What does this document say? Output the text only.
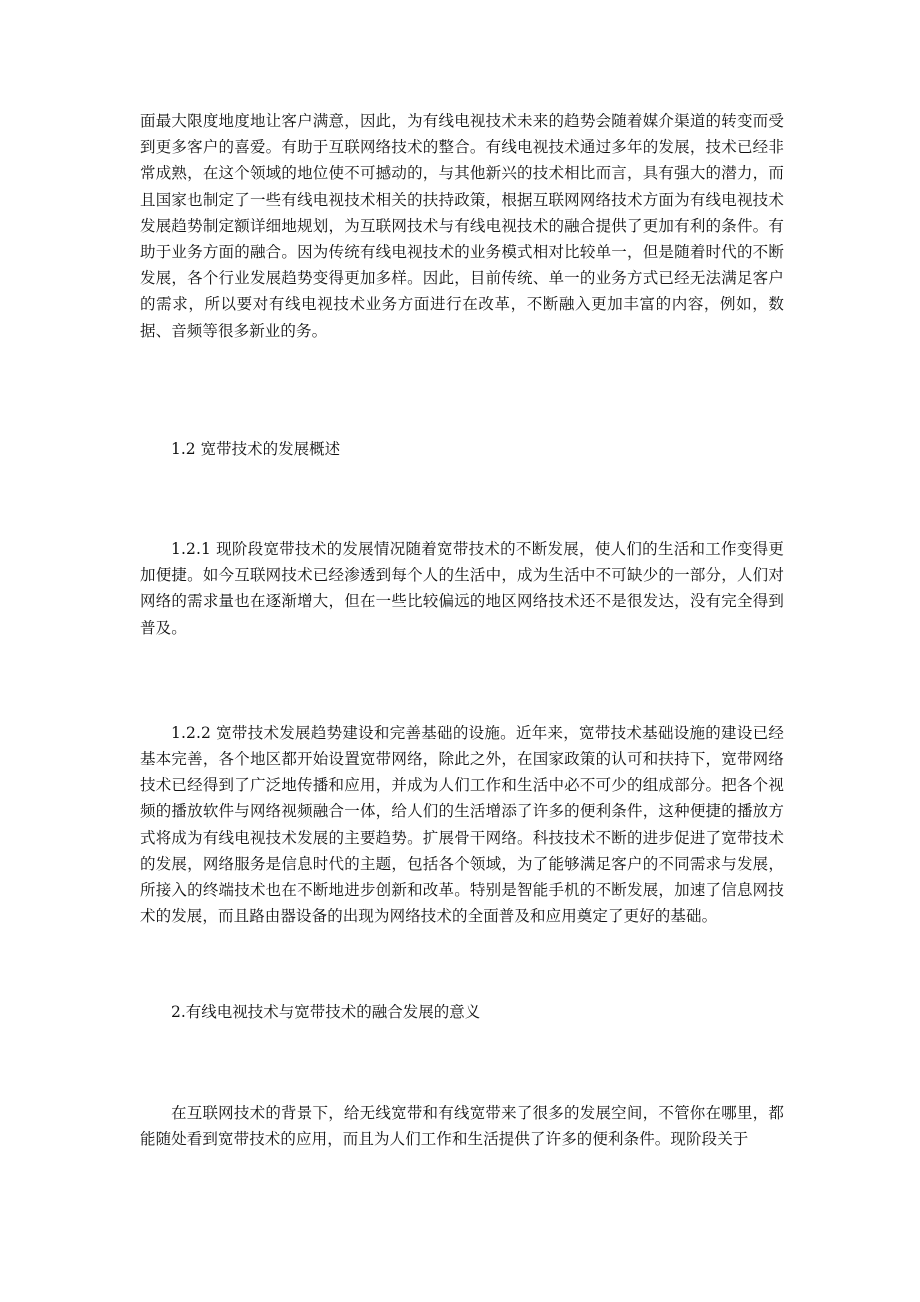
面最大限度地度地让客户满意，因此，为有线电视技术未来的趋势会随着媒介渠道的转变而受到更多客户的喜爱。有助于互联网络技术的整合。有线电视技术通过多年的发展，技术已经非常成熟，在这个领域的地位使不可撼动的，与其他新兴的技术相比而言，具有强大的潜力，而且国家也制定了一些有线电视技术相关的扶持政策，根据互联网网络技术方面为有线电视技术发展趋势制定额详细地规划，为互联网技术与有线电视技术的融合提供了更加有利的条件。有助于业务方面的融合。因为传统有线电视技术的业务模式相对比较单一，但是随着时代的不断发展，各个行业发展趋势变得更加多样。因此，目前传统、单一的业务方式已经无法满足客户的需求，所以要对有线电视技术业务方面进行在改革，不断融入更加丰富的内容，例如，数据、音频等很多新业的务。

1.2 宽带技术的发展概述

1.2.1 现阶段宽带技术的发展情况随着宽带技术的不断发展，使人们的生活和工作变得更加便捷。如今互联网技术已经渗透到每个人的生活中，成为生活中不可缺少的一部分，人们对网络的需求量也在逐渐增大，但在一些比较偏远的地区网络技术还不是很发达，没有完全得到普及。

1.2.2 宽带技术发展趋势建设和完善基础的设施。近年来，宽带技术基础设施的建设已经基本完善，各个地区都开始设置宽带网络，除此之外，在国家政策的认可和扶持下，宽带网络技术已经得到了广泛地传播和应用，并成为人们工作和生活中必不可少的组成部分。把各个视频的播放软件与网络视频融合一体，给人们的生活增添了许多的便利条件，这种便捷的播放方式将成为有线电视技术发展的主要趋势。扩展骨干网络。科技技术不断的进步促进了宽带技术的发展，网络服务是信息时代的主题，包括各个领域，为了能够满足客户的不同需求与发展，所接入的终端技术也在不断地进步创新和改革。特别是智能手机的不断发展，加速了信息网技术的发展，而且路由器设备的出现为网络技术的全面普及和应用奠定了更好的基础。

2.有线电视技术与宽带技术的融合发展的意义

在互联网技术的背景下，给无线宽带和有线宽带来了很多的发展空间，不管你在哪里，都能随处看到宽带技术的应用，而且为人们工作和生活提供了许多的便利条件。现阶段关于
